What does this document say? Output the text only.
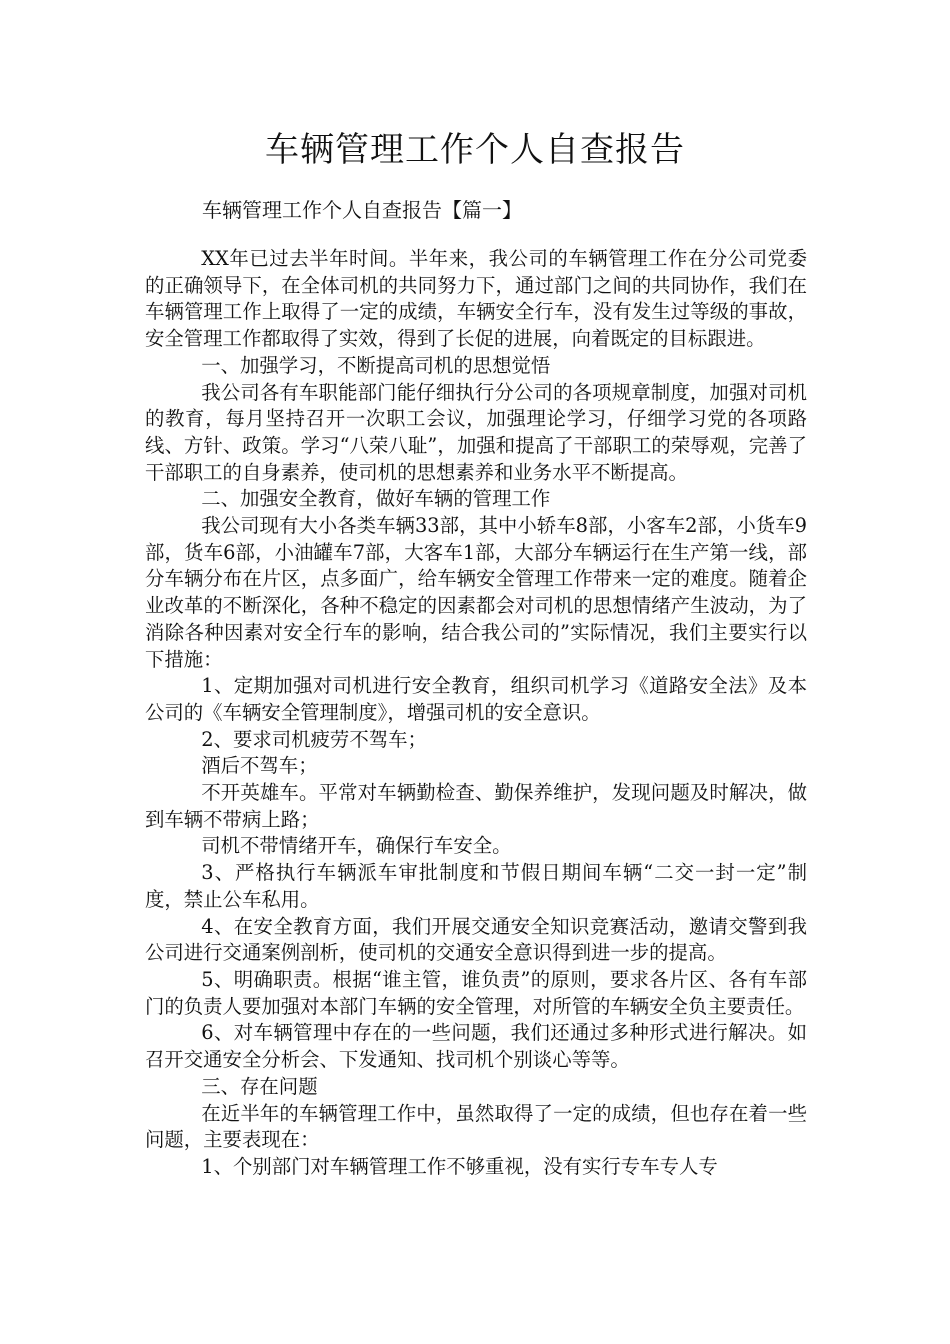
车辆管理工作个人自查报告

车辆管理工作个人自查报告【篇一】

XX年已过去半年时间。半年来，我公司的车辆管理工作在分公司党委的正确领导下，在全体司机的共同努力下，通过部门之间的共同协作，我们在车辆管理工作上取得了一定的成绩，车辆安全行车，没有发生过等级的事故，安全管理工作都取得了实效，得到了长促的进展，向着既定的目标跟进。

一、加强学习，不断提高司机的思想觉悟

我公司各有车职能部门能仔细执行分公司的各项规章制度，加强对司机的教育，每月坚持召开一次职工会议，加强理论学习，仔细学习党的各项路线、方针、政策。学习“八荣八耻”，加强和提高了干部职工的荣辱观，完善了干部职工的自身素养，使司机的思想素养和业务水平不断提高。

二、加强安全教育，做好车辆的管理工作

我公司现有大小各类车辆33部，其中小轿车8部，小客车2部，小货车9部，货车6部，小油罐车7部，大客车1部，大部分车辆运行在生产第一线，部分车辆分布在片区，点多面广，给车辆安全管理工作带来一定的难度。随着企业改革的不断深化，各种不稳定的因素都会对司机的思想情绪产生波动，为了消除各种因素对安全行车的影响，结合我公司的”实际情况，我们主要实行以下措施：

1、定期加强对司机进行安全教育，组织司机学习《道路安全法》及本公司的《车辆安全管理制度》，增强司机的安全意识。

2、要求司机疲劳不驾车；

酒后不驾车；

不开英雄车。平常对车辆勤检查、勤保养维护，发现问题及时解决，做到车辆不带病上路；

司机不带情绪开车，确保行车安全。

3、严格执行车辆派车审批制度和节假日期间车辆“二交一封一定”制度，禁止公车私用。

4、在安全教育方面，我们开展交通安全知识竞赛活动，邀请交警到我公司进行交通案例剖析，使司机的交通安全意识得到进一步的提高。

5、明确职责。根据“谁主管，谁负责”的原则，要求各片区、各有车部门的负责人要加强对本部门车辆的安全管理，对所管的车辆安全负主要责任。

6、对车辆管理中存在的一些问题，我们还通过多种形式进行解决。如召开交通安全分析会、下发通知、找司机个别谈心等等。

三、存在问题

在近半年的车辆管理工作中，虽然取得了一定的成绩，但也存在着一些问题，主要表现在：

1、个别部门对车辆管理工作不够重视，没有实行专车专人专
